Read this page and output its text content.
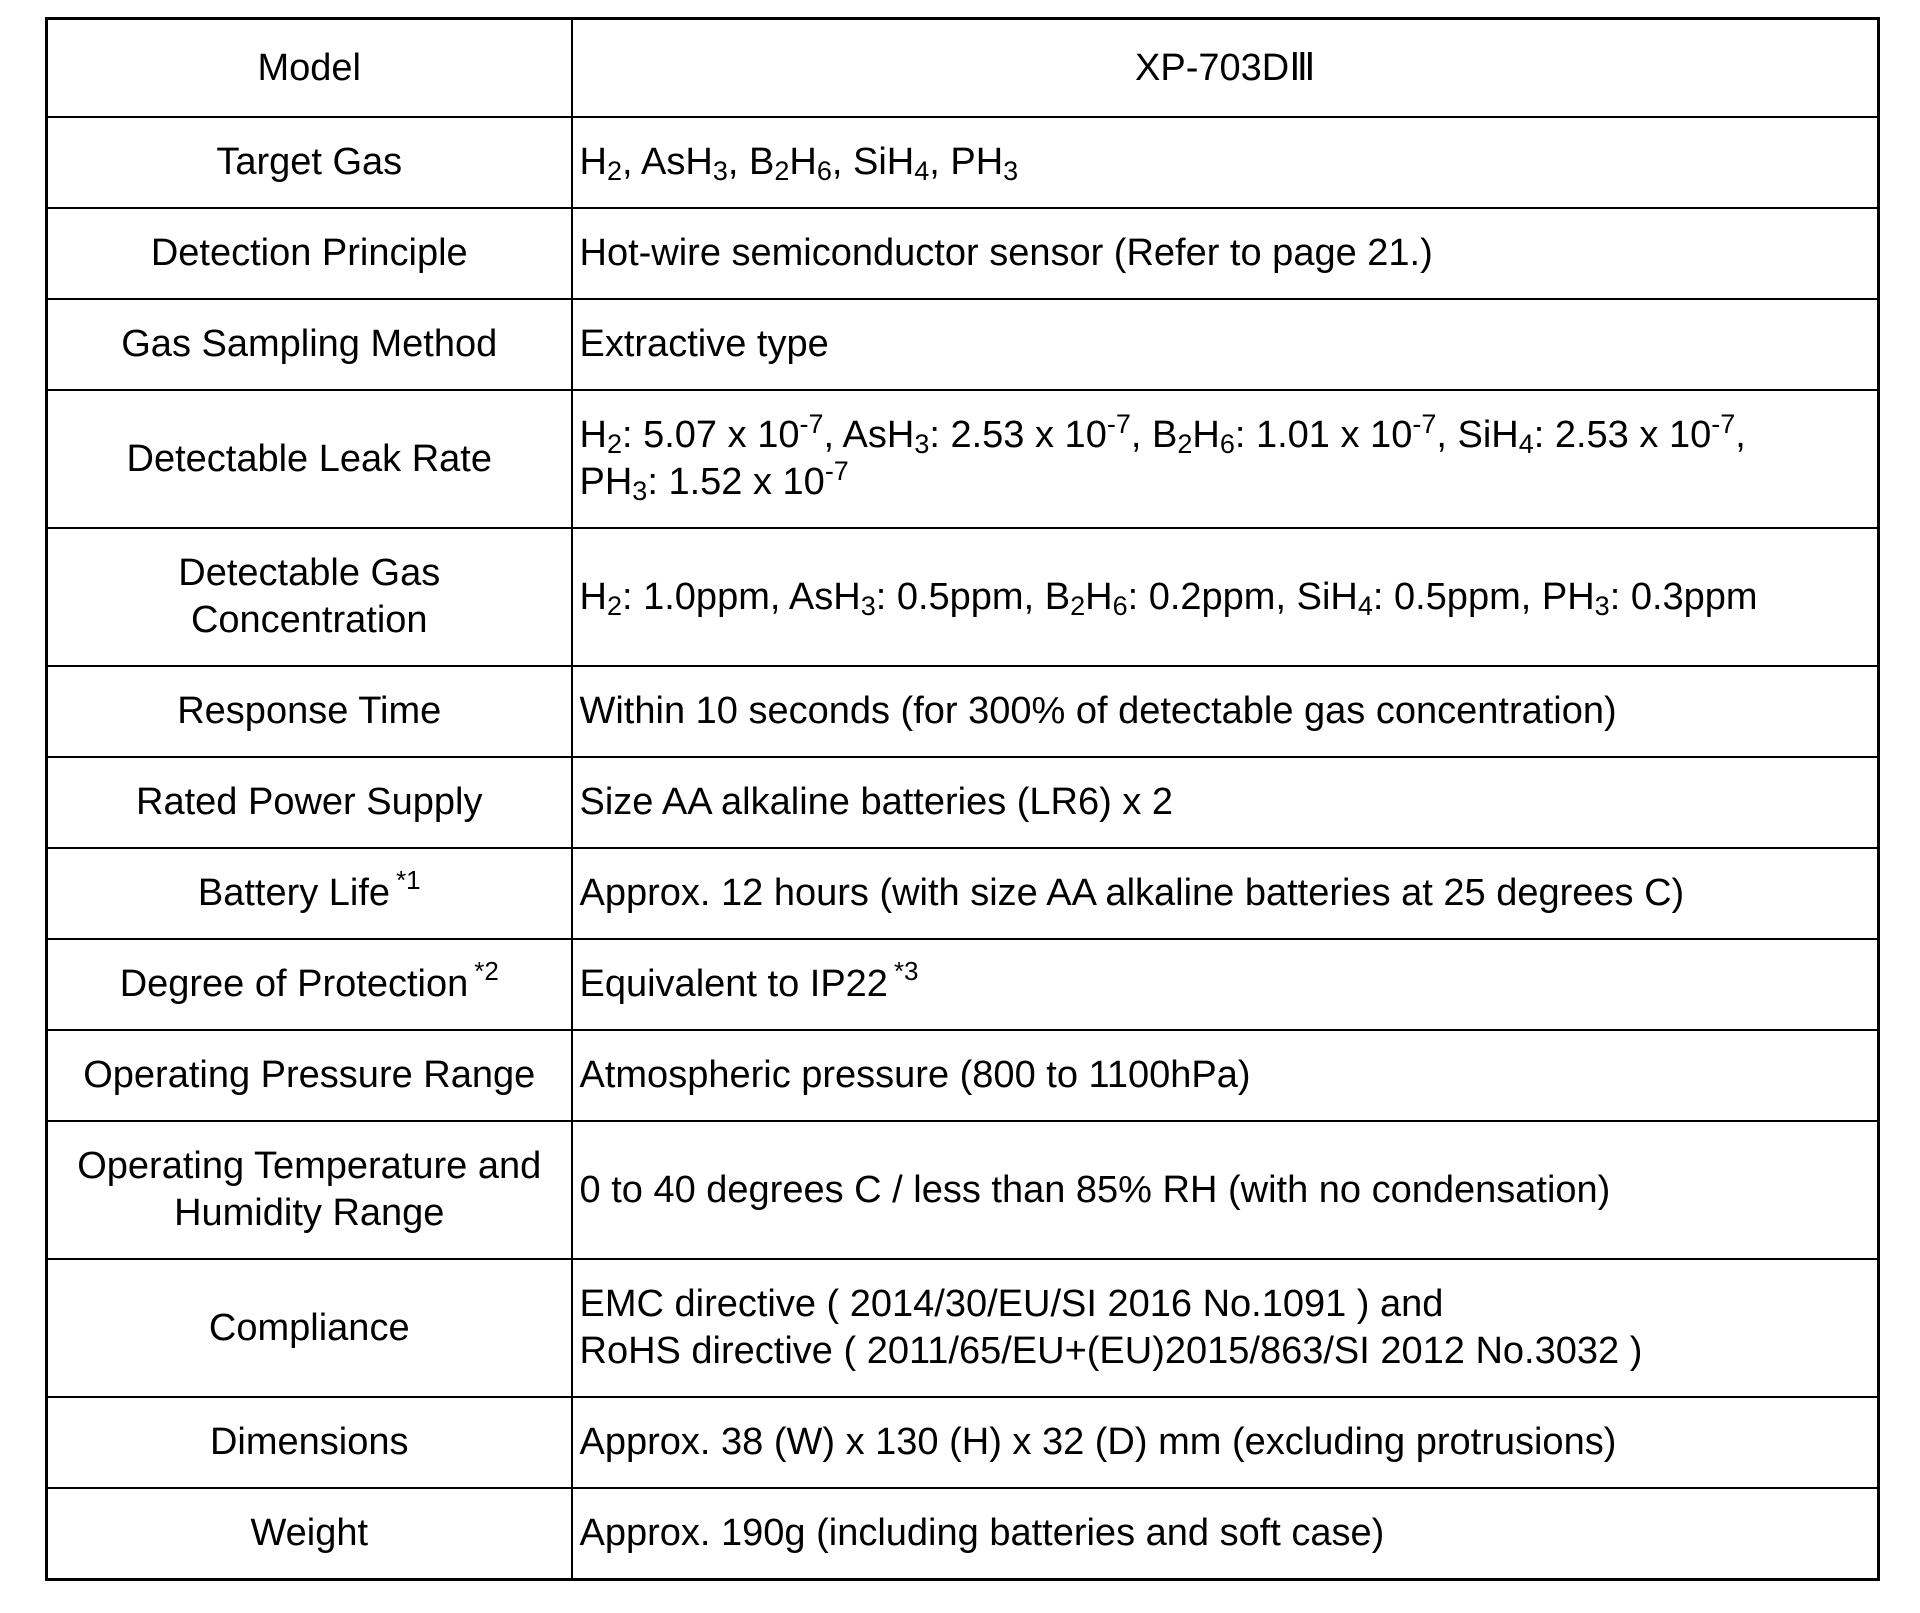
Model	XP-703DⅢ
Target Gas	$H_2$, AsH$_3$, $B_2H_6$, SiH$_4$, $PH_3$
Detection Principle	Hot-wire semiconductor sensor (Refer to page 21.)
Gas Sampling Method	Extractive type
Detectable Leak Rate	$H_2$: 5.07 x $10^{-7}$, AsH$_3$: 2.53 x $10^{-7}$, $B_2H_6$: 1.01 x $10^{-7}$, SiH$_4$: 2.53 x $10^{-7}$,
$PH_3$: 1.52 x $10^{-7}$

Detectable Gas
Concentration	$H_2$: 1.0ppm, AsH$_3$: 0.5ppm, $B_2H_6$: 0.2ppm, SiH$_4$: 0.5ppm, $PH_3$: 0.3ppm
Response Time	Within 10 seconds (for 300% of detectable gas concentration)
Rated Power Supply	Size AA alkaline batteries (LR6) x 2
Battery Life $^{*1}$	Approx. 12 hours (with size AA alkaline batteries at 25 degrees C)
Degree of Protection $^{*2}$	Equivalent to IP22 $^{*3}$
Operating Pressure Range	Atmospheric pressure (800 to 1100hPa)

Operating Temperature and
Humidity Range	0 to 40 degrees C / less than 85% RH (with no condensation)
Compliance	EMC directive ( 2014/30/EU/SI 2016 No.1091 ) and
RoHS directive ( 2011/65/EU+(EU)2015/863/SI 2012 No.3032 )

Dimensions	Approx. 38 (W) x 130 (H) x 32 (D) mm (excluding protrusions)
Weight	Approx. 190g (including batteries and soft case)
